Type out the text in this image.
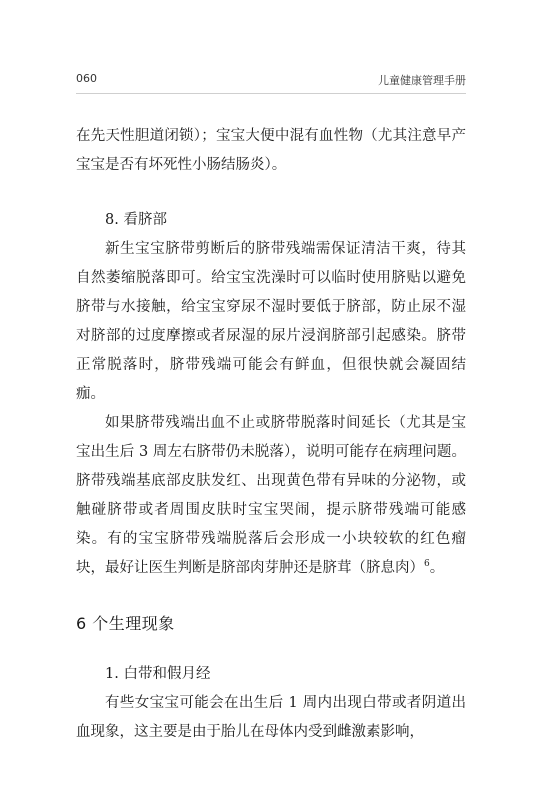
060	儿童健康管理手册

在先天性胆道闭锁）；宝宝大便中混有血性物（尤其注意早产宝宝是否有坏死性小肠结肠炎）。

8. 看脐部

新生宝宝脐带剪断后的脐带残端需保证清洁干爽，待其自然萎缩脱落即可。给宝宝洗澡时可以临时使用脐贴以避免脐带与水接触，给宝宝穿尿不湿时要低于脐部，防止尿不湿对脐部的过度摩擦或者尿湿的尿片浸润脐部引起感染。脐带正常脱落时，脐带残端可能会有鲜血，但很快就会凝固结痂。

如果脐带残端出血不止或脐带脱落时间延长（尤其是宝宝出生后 3 周左右脐带仍未脱落），说明可能存在病理问题。脐带残端基底部皮肤发红、出现黄色带有异味的分泌物，或触碰脐带或者周围皮肤时宝宝哭闹，提示脐带残端可能感染。有的宝宝脐带残端脱落后会形成一小块较软的红色瘤块，最好让医生判断是脐部肉芽肿还是脐茸（脐息肉）$^6$。

6 个生理现象

1. 白带和假月经

有些女宝宝可能会在出生后 1 周内出现白带或者阴道出血现象，这主要是由于胎儿在母体内受到雌激素影响，
